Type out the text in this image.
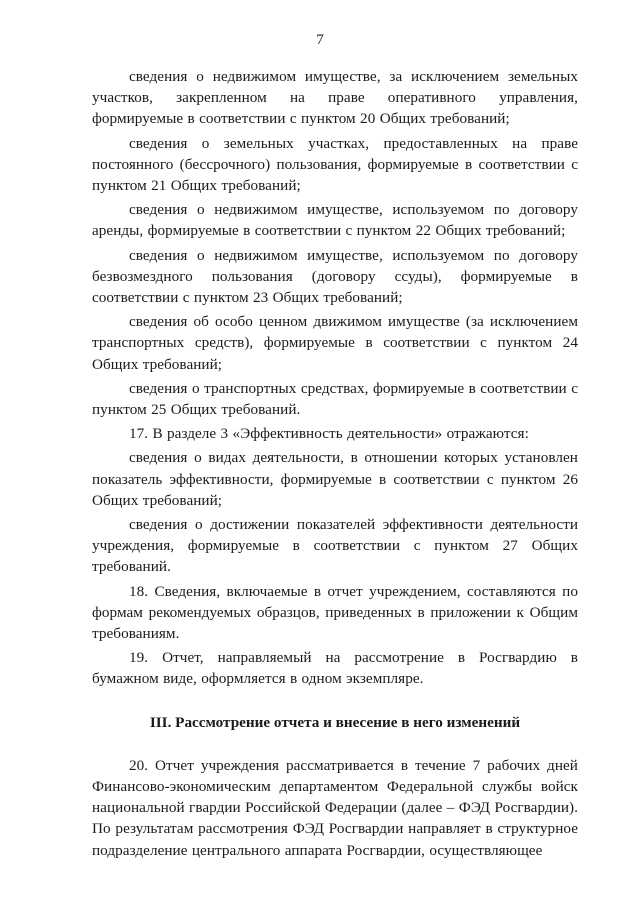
7

сведения о недвижимом имуществе, за исключением земельных участков, закрепленном на праве оперативного управления, формируемые в соответствии с пунктом 20 Общих требований;

сведения о земельных участках, предоставленных на праве постоянного (бессрочного) пользования, формируемые в соответствии с пунктом 21 Общих требований;

сведения о недвижимом имуществе, используемом по договору аренды, формируемые в соответствии с пунктом 22 Общих требований;

сведения о недвижимом имуществе, используемом по договору безвозмездного пользования (договору ссуды), формируемые в соответствии с пунктом 23 Общих требований;

сведения об особо ценном движимом имуществе (за исключением транспортных средств), формируемые в соответствии с пунктом 24 Общих требований;

сведения о транспортных средствах, формируемые в соответствии с пунктом 25 Общих требований.

17. В разделе 3 «Эффективность деятельности» отражаются:

сведения о видах деятельности, в отношении которых установлен показатель эффективности, формируемые в соответствии с пунктом 26 Общих требований;

сведения о достижении показателей эффективности деятельности учреждения, формируемые в соответствии с пунктом 27 Общих требований.

18. Сведения, включаемые в отчет учреждением, составляются по формам рекомендуемых образцов, приведенных в приложении к Общим требованиям.

19. Отчет, направляемый на рассмотрение в Росгвардию в бумажном виде, оформляется в одном экземпляре.

III. Рассмотрение отчета и внесение в него изменений

20. Отчет учреждения рассматривается в течение 7 рабочих дней Финансово-экономическим департаментом Федеральной службы войск национальной гвардии Российской Федерации (далее – ФЭД Росгвардии). По результатам рассмотрения ФЭД Росгвардии направляет в структурное подразделение центрального аппарата Росгвардии, осуществляющее
